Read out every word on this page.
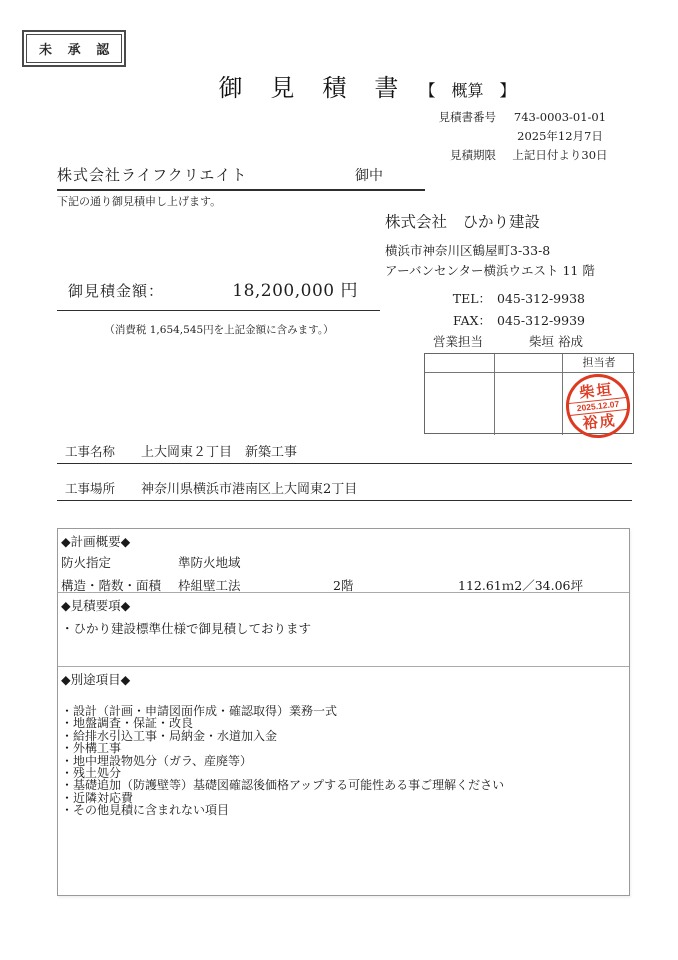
未 承 認
御　見　積　書 【　概算　】
見積書番号	743-0003-01-01
2025年12月7日
見積期限	上記日付より30日
株式会社ライフクリエイト	御中
下記の通り御見積申し上げます。
株式会社　ひかり建設
横浜市神奈川区鶴屋町3-33-8
アーバンセンター横浜ウエスト 11 階
御見積金額：	18,200,000 円
（消費税 1,654,545円を上記金額に含みます。）
TEL： 045-312-9938
FAX： 045-312-9939
営業担当	柴垣 裕成
担当者
柴垣
2025.12.07
裕成
工事名称 上大岡東２丁目　新築工事
工事場所 神奈川県横浜市港南区上大岡東2丁目
◆計画概要◆
防火指定	準防火地域
構造・階数・面積	枠組壁工法	2階	112.61ｍ2／34.06坪
◆見積要項◆
・ひかり建設標準仕様で御見積しております
◆別途項目◆
・設計（計画・申請図面作成・確認取得）業務一式
・地盤調査・保証・改良
・給排水引込工事・局納金・水道加入金
・外構工事
・地中埋設物処分（ガラ、産廃等）
・残土処分
・基礎追加（防護壁等）基礎図確認後価格アップする可能性ある事ご理解ください
・近隣対応費
・その他見積に含まれない項目
